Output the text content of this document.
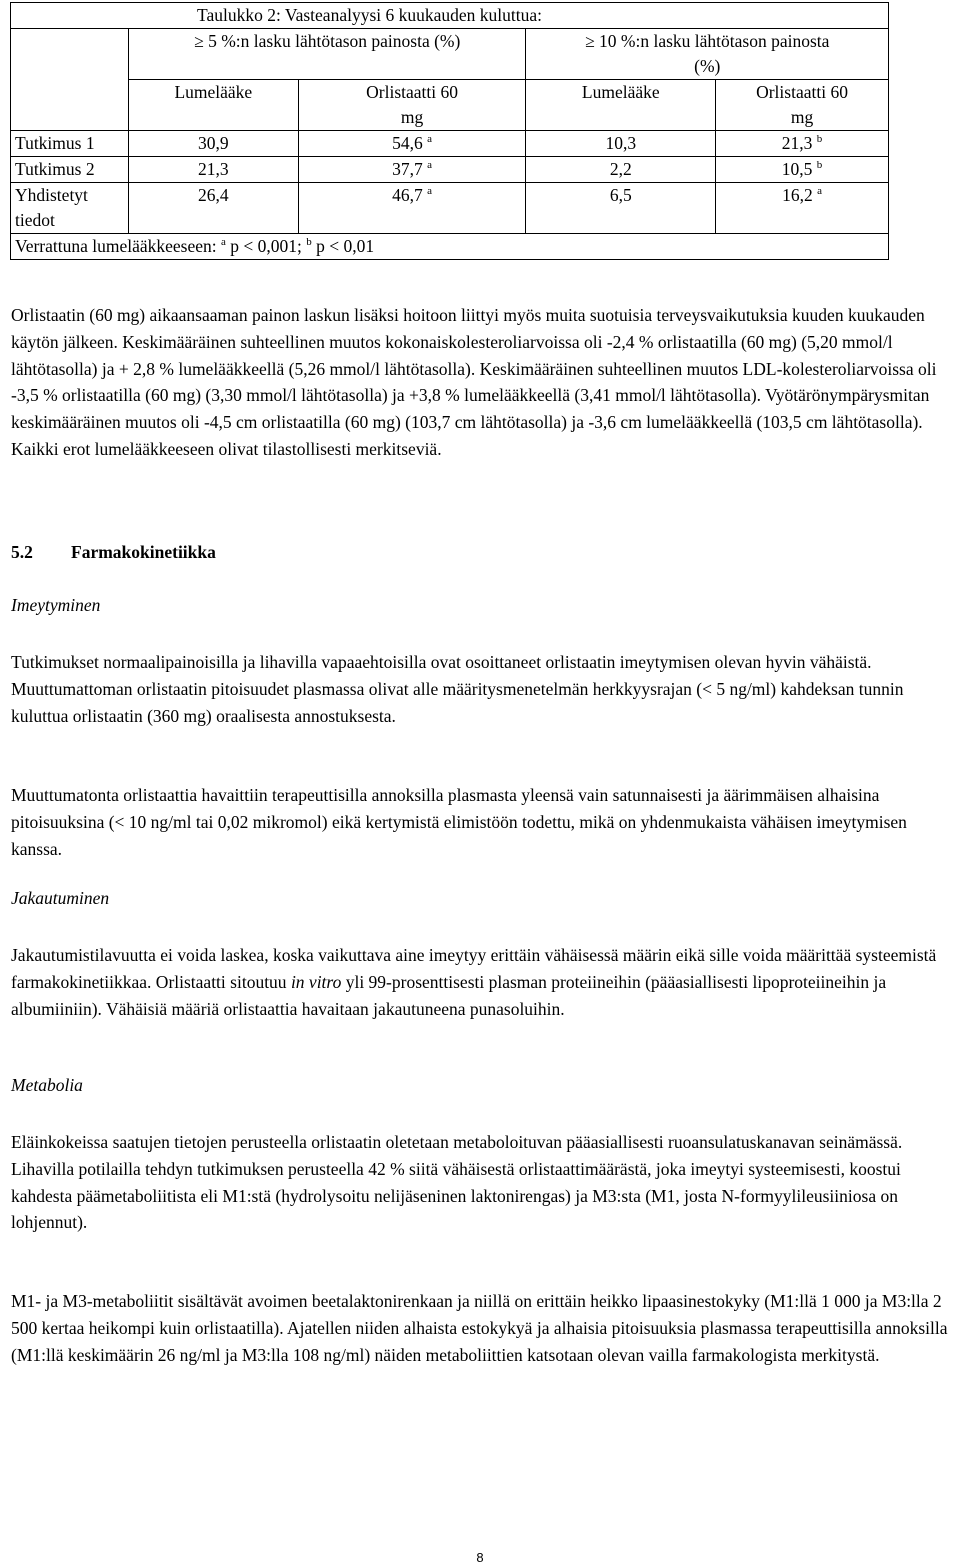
Taulukko 2: Vasteanalyysi 6 kuukauden kuluttua:				
	≥ 5 %:n lasku lähtötason painosta (%)		≥ 10 %:n lasku lähtötason painosta (%)	
	Lumelääke	Orlistaatti 60 mg	Lumelääke	Orlistaatti 60 mg
Tutkimus 1	30,9	54,6 $^a$	10,3	21,3 $^b$
Tutkimus 2	21,3	37,7 $^a$	2,2	10,5 $^b$
Yhdistetyt tiedot	26,4	46,7 $^a$	6,5	16,2 $^a$
Verrattuna lumelääkkeeseen: $^a$ p < 0,001; $^b$ p < 0,01				

Orlistaatin (60 mg) aikaansaaman painon laskun lisäksi hoitoon liittyi myös muita suotuisia terveysvaikutuksia kuuden kuukauden käytön jälkeen. Keskimääräinen suhteellinen muutos kokonaiskolesteroliarvoissa oli -2,4 % orlistaatilla (60 mg) (5,20 mmol/l lähtötasolla) ja + 2,8 % lumelääkkeellä (5,26 mmol/l lähtötasolla). Keskimääräinen suhteellinen muutos LDL-kolesteroliarvoissa oli -3,5 % orlistaatilla (60 mg) (3,30 mmol/l lähtötasolla) ja +3,8 % lumelääkkeellä (3,41 mmol/l lähtötasolla). Vyötärönympärysmitan keskimääräinen muutos oli -4,5 cm orlistaatilla (60 mg) (103,7 cm lähtötasolla) ja -3,6 cm lumelääkkeellä (103,5 cm lähtötasolla). Kaikki erot lumelääkkeeseen olivat tilastollisesti merkitseviä.

5.2 Farmakokinetiikka

Imeytyminen

Tutkimukset normaalipainoisilla ja lihavilla vapaaehtoisilla ovat osoittaneet orlistaatin imeytymisen olevan hyvin vähäistä. Muuttumattoman orlistaatin pitoisuudet plasmassa olivat alle määritysmenetelmän herkkyysrajan (< 5 ng/ml) kahdeksan tunnin kuluttua orlistaatin (360 mg) oraalisesta annostuksesta.

Muuttumatonta orlistaattia havaittiin terapeuttisilla annoksilla plasmasta yleensä vain satunnaisesti ja äärimmäisen alhaisina pitoisuuksina (< 10 ng/ml tai 0,02 mikromol) eikä kertymistä elimistöön todettu, mikä on yhdenmukaista vähäisen imeytymisen kanssa.

Jakautuminen

Jakautumistilavuutta ei voida laskea, koska vaikuttava aine imeytyy erittäin vähäisessä määrin eikä sille voida määrittää systeemistä farmakokinetiikkaa. Orlistaatti sitoutuu in vitro yli 99-prosenttisesti plasman proteiineihin (pääasiallisesti lipoproteiineihin ja albumiiniin). Vähäisiä määriä orlistaattia havaitaan jakautuneena punasoluihin.

Metabolia

Eläinkokeissa saatujen tietojen perusteella orlistaatin oletetaan metaboloituvan pääasiallisesti ruoansulatuskanavan seinämässä. Lihavilla potilailla tehdyn tutkimuksen perusteella 42 % siitä vähäisestä orlistaattimäärästä, joka imeytyi systeemisesti, koostui kahdesta päämetaboliitista eli M1:stä (hydrolysoitu nelijäseninen laktonirengas) ja M3:sta (M1, josta N-formyylileusiiniosa on lohjennut).

M1- ja M3-metaboliitit sisältävät avoimen beetalaktonirenkaan ja niillä on erittäin heikko lipaasinestokyky (M1:llä 1 000 ja M3:lla 2 500 kertaa heikompi kuin orlistaatilla). Ajatellen niiden alhaista estokykyä ja alhaisia pitoisuuksia plasmassa terapeuttisilla annoksilla (M1:llä keskimäärin 26 ng/ml ja M3:lla 108 ng/ml) näiden metaboliittien katsotaan olevan vailla farmakologista merkitystä.

8
